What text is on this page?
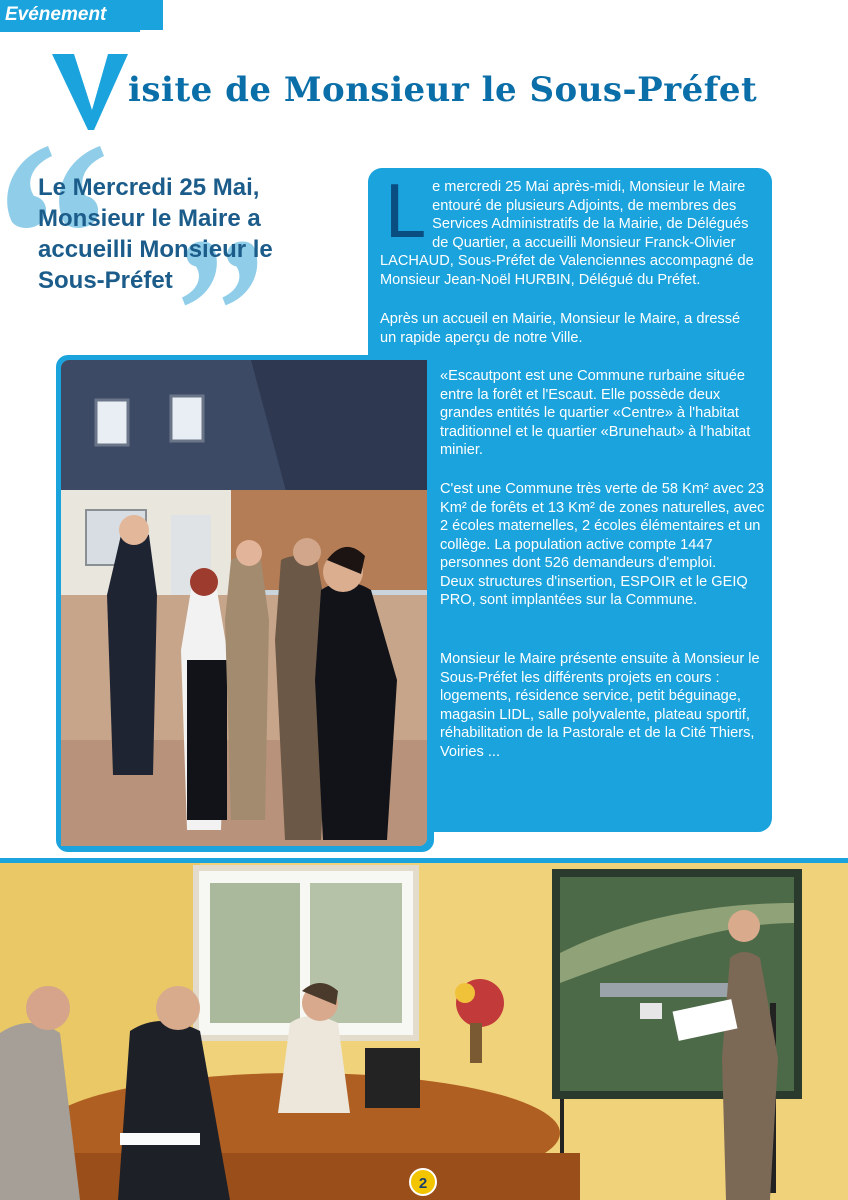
Evénement
isite de Monsieur le Sous-Préfet
Le Mercredi 25 Mai, Monsieur le Maire a accueilli Monsieur le Sous-Préfet
Le mercredi 25 Mai après-midi, Monsieur le Maire entouré de plusieurs Adjoints, de membres des Services Administratifs de la Mairie, de Délégués de Quartier, a accueilli Monsieur Franck-Olivier LACHAUD, Sous-Préfet de Valenciennes accompagné de Monsieur Jean-Noël HURBIN, Délégué du Préfet.
Après un accueil en Mairie, Monsieur le Maire, a dressé un rapide aperçu de notre Ville.
«Escautpont est une Commune rurbaine située entre la forêt et l'Escaut. Elle possède deux grandes entités le quartier «Centre» à l'habitat traditionnel et le quartier «Brunehaut» à l'habitat minier.
C'est une Commune très verte de 58 Km² avec 23 Km² de forêts et 13 Km² de zones naturelles, avec 2 écoles maternelles, 2 écoles élémentaires et un collège. La population active compte 1447 personnes dont 526 demandeurs d'emploi.
Deux structures d'insertion, ESPOIR et le GEIQ PRO, sont implantées sur la Commune.
Monsieur le Maire présente ensuite à Monsieur le Sous-Préfet les différents projets en cours : logements, résidence service, petit béguinage, magasin LIDL, salle polyvalente, plateau sportif, réhabilitation de la Pastorale et de la Cité Thiers, Voiries ...
2
